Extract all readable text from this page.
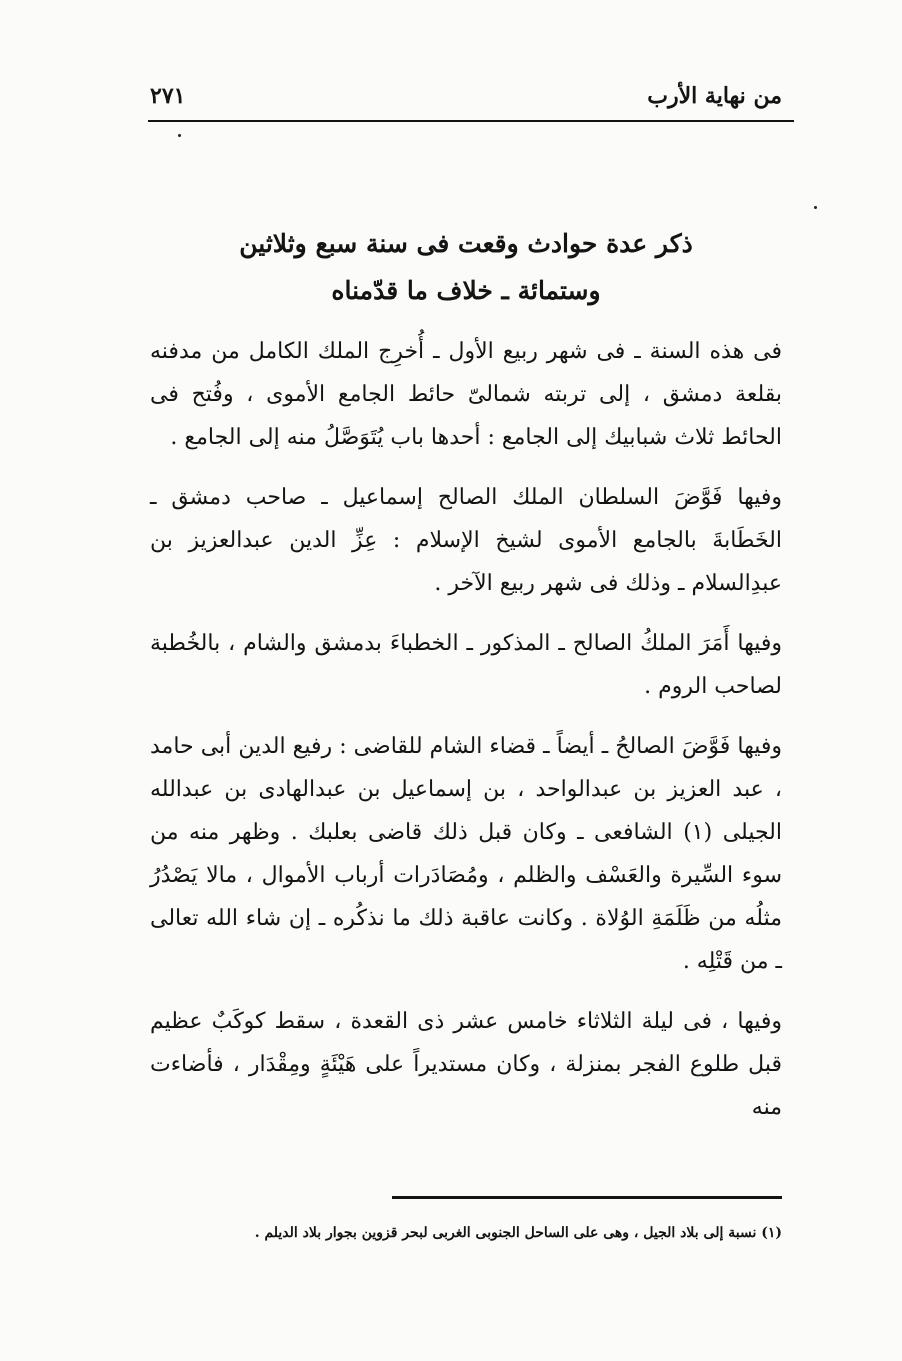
من نهاية الأرب
٢٧١
ذكر عدة حوادث وقعت فى سنة سبع وثلاثين
وستمائة ـ خلاف ما قدّمناه

فى هذه السنة ـ فى شهر ربيع الأول ـ أُخرِج الملك الكامل من مدفنه بقلعة دمشق ، إلى تربته شمالىّ حائط الجامع الأموى ، وفُتح فى الحائط ثلاث شبابيك إلى الجامع : أحدها باب يُتَوَصَّلُ منه إلى الجامع .

وفيها فَوَّضَ السلطان الملك الصالح إسماعيل ـ صاحب دمشق ـ الخَطَابةَ بالجامع الأموى لشيخ الإسلام : عِزِّ الدين عبدالعزيز بن عبدِالسلام ـ وذلك فى شهر ربيع الآخر .

وفيها أَمَرَ الملكُ الصالح ـ المذكور ـ الخطباءَ بدمشق والشام ، بالخُطبة لصاحب الروم .

وفيها فَوَّضَ الصالحُ ـ أيضاً ـ قضاء الشام للقاضى : رفيع الدين أبى حامد ، عبد العزيز بن عبدالواحد ، بن إسماعيل بن عبدالهادى بن عبدالله الجيلى (١) الشافعى ـ وكان قبل ذلك قاضى بعلبك . وظهر منه من سوء السِّيرة والعَسْف والظلم ، ومُصَادَرات أرباب الأموال ، مالا يَصْدُرُ مثلُه من ظَلَمَةِ الوُلاة . وكانت عاقبة ذلك ما نذكُره ـ إن شاء الله تعالى ـ من قَتْلِه .

وفيها ، فى ليلة الثلاثاء خامس عشر ذى القعدة ، سقط كوكَبٌ عظيم قبل طلوع الفجر بمنزلة ، وكان مستديراً على هَيْئَةٍ ومِقْدَار ، فأضاءت منه

(١) نسبة إلى بلاد الجيل ، وهى على الساحل الجنوبى الغربى لبحر قزوين بجوار بلاد الديلم .
